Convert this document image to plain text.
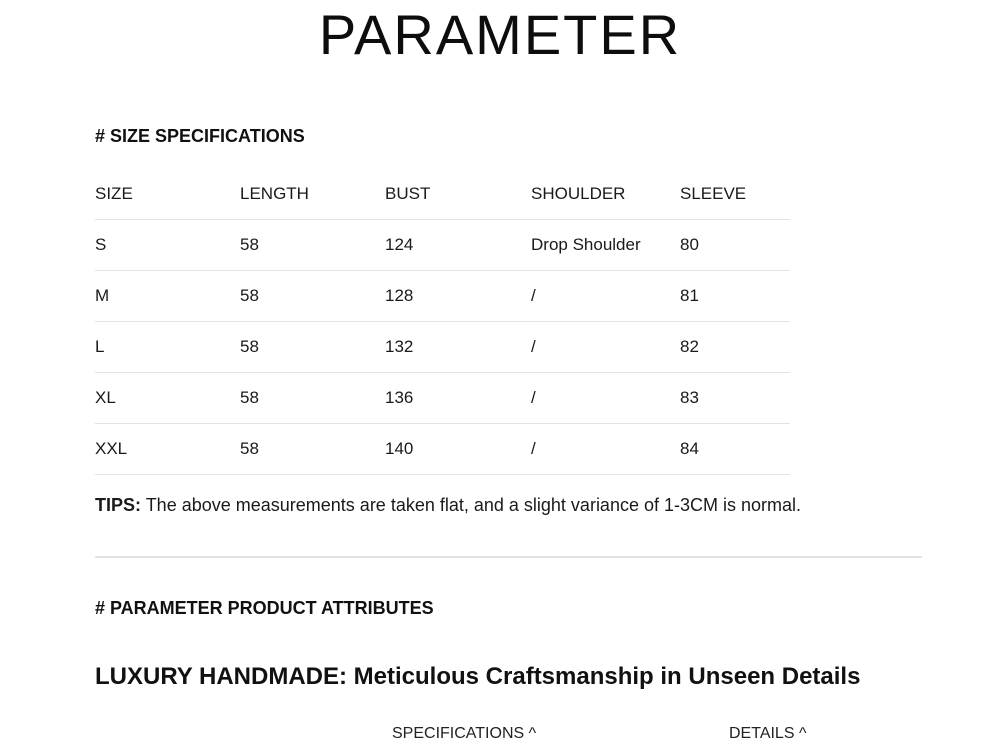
PARAMETER
# SIZE SPECIFICATIONS
SIZE	LENGTH	BUST	SHOULDER	SLEEVE
S	58	124	Drop Shoulder	80
M	58	128	/	81
L	58	132	/	82
XL	58	136	/	83
XXL	58	140	/	84

TIPS: The above measurements are taken flat, and a slight variance of 1-3CM is normal.

# PARAMETER PRODUCT ATTRIBUTES
LUXURY HANDMADE: Meticulous Craftsmanship in Unseen Details
SPECIFICATIONS ^	DETAILS ^
